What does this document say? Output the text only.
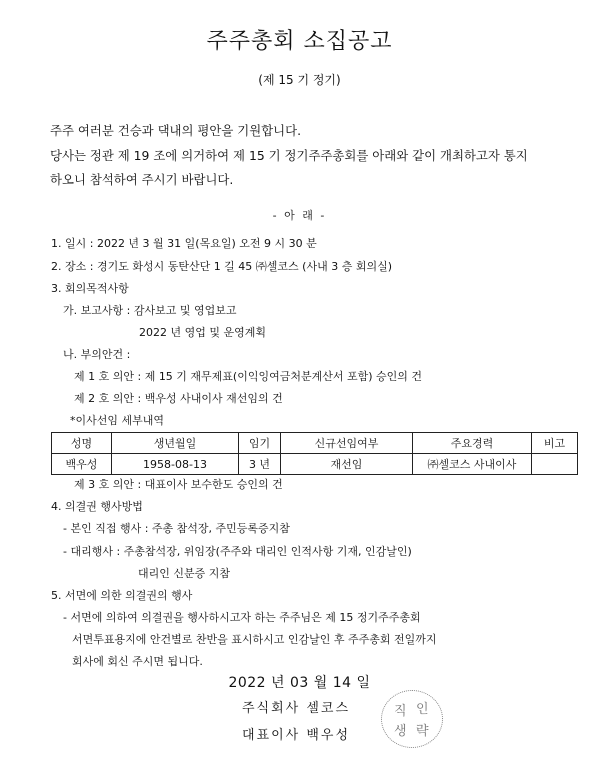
주주총회 소집공고
(제 15 기 정기)
주주 여러분 건승과 댁내의 평안을 기원합니다.
당사는 정관 제 19 조에 의거하여 제 15 기 정기주주총회를 아래와 같이 개최하고자 통지
하오니 참석하여 주시기 바랍니다.
- 아 래 -
1. 일시 : 2022 년 3 월 31 일(목요일) 오전 9 시 30 분
2. 장소 : 경기도 화성시 동탄산단 1 길 45 ㈜셀코스 (사내 3 층 회의실)
3. 회의목적사항
가. 보고사항 : 감사보고 및 영업보고
2022 년 영업 및 운영계획
나. 부의안건 :
제 1 호 의안 : 제 15 기 재무제표(이익잉여금처분계산서 포함) 승인의 건
제 2 호 의안 : 백우성 사내이사 재선임의 건
*이사선임 세부내역
성명	생년월일	임기	신규선임여부	주요경력	비고
백우성	1958-08-13	3 년	재선임	㈜셀코스 사내이사	
제 3 호 의안 : 대표이사 보수한도 승인의 건
4. 의결권 행사방법
- 본인 직접 행사 : 주총 참석장, 주민등록증지참
- 대리행사 : 주총참석장, 위임장(주주와 대리인 인적사항 기재, 인감날인)
대리인 신분증 지참
5. 서면에 의한 의결권의 행사
- 서면에 의하여 의결권을 행사하시고자 하는 주주님은 제 15 정기주주총회
서면투표용지에 안건별로 찬반을 표시하시고 인감날인 후 주주총회 전일까지
회사에 회신 주시면 됩니다.
2022 년 03 월 14 일
주식회사 셀코스
대표이사 백우성
직 인
생 략
